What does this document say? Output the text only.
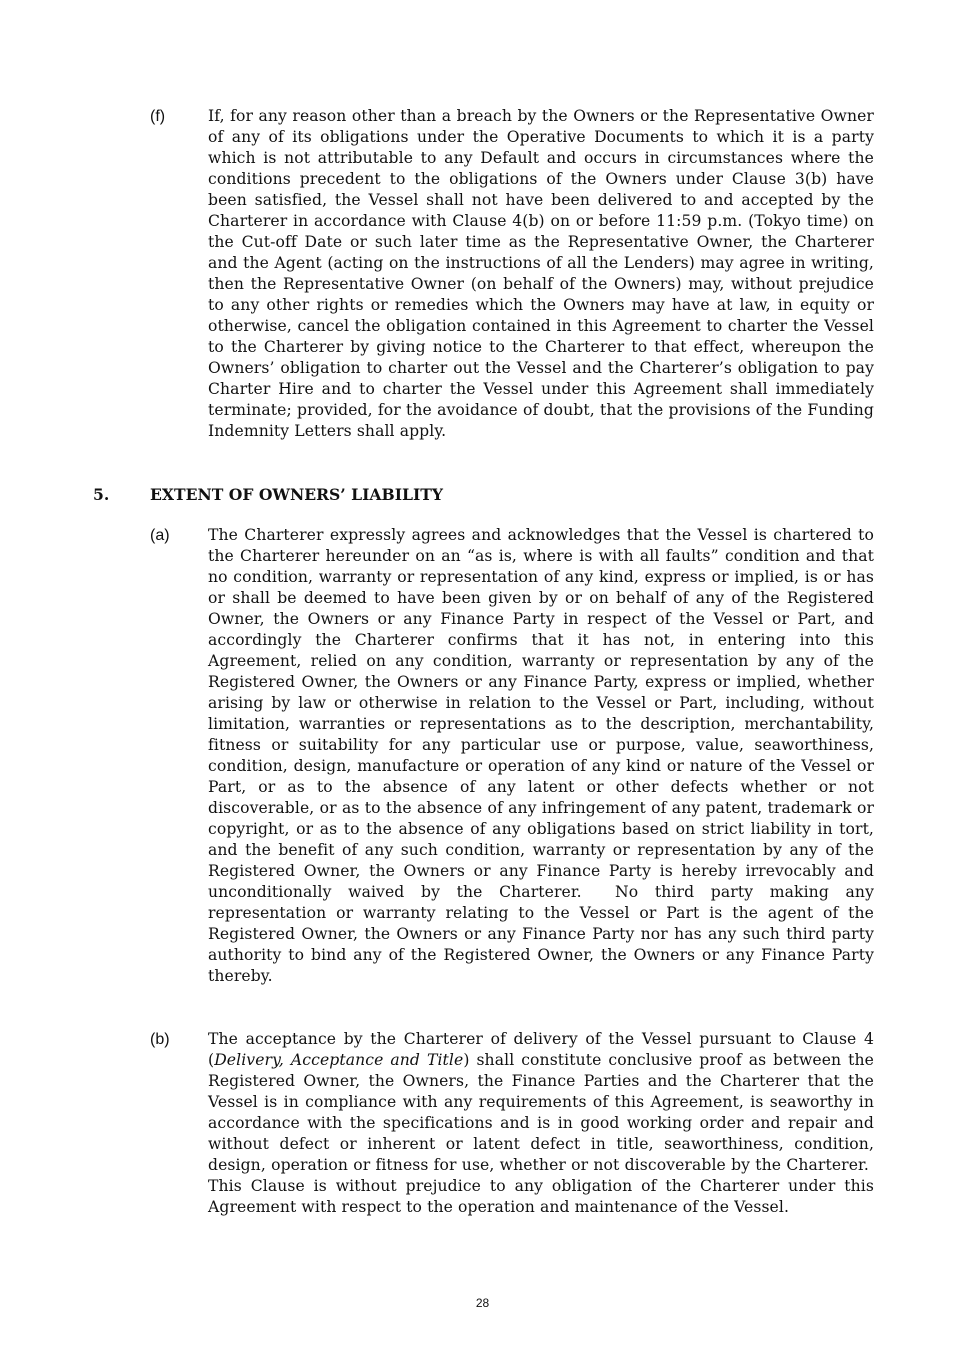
(f)	If, for any reason other than a breach by the Owners or the Representative Owner of any of its obligations under the Operative Documents to which it is a party which is not attributable to any Default and occurs in circumstances where the conditions precedent to the obligations of the Owners under Clause 3(b) have been satisfied, the Vessel shall not have been delivered to and accepted by the Charterer in accordance with Clause 4(b) on or before 11:59 p.m. (Tokyo time) on the Cut-off Date or such later time as the Representative Owner, the Charterer and the Agent (acting on the instructions of all the Lenders) may agree in writing, then the Representative Owner (on behalf of the Owners) may, without prejudice to any other rights or remedies which the Owners may have at law, in equity or otherwise, cancel the obligation contained in this Agreement to charter the Vessel to the Charterer by giving notice to the Charterer to that effect, whereupon the Owners’ obligation to charter out the Vessel and the Charterer’s obligation to pay Charter Hire and to charter the Vessel under this Agreement shall immediately terminate; provided, for the avoidance of doubt, that the provisions of the Funding Indemnity Letters shall apply.
5.	EXTENT OF OWNERS’ LIABILITY
(a)	The Charterer expressly agrees and acknowledges that the Vessel is chartered to the Charterer hereunder on an “as is, where is with all faults” condition and that no condition, warranty or representation of any kind, express or implied, is or has or shall be deemed to have been given by or on behalf of any of the Registered Owner, the Owners or any Finance Party in respect of the Vessel or Part, and accordingly the Charterer confirms that it has not, in entering into this Agreement, relied on any condition, warranty or representation by any of the Registered Owner, the Owners or any Finance Party, express or implied, whether arising by law or otherwise in relation to the Vessel or Part, including, without limitation, warranties or representations as to the description, merchantability, fitness or suitability for any particular use or purpose, value, seaworthiness, condition, design, manufacture or operation of any kind or nature of the Vessel or Part, or as to the absence of any latent or other defects whether or not discoverable, or as to the absence of any infringement of any patent, trademark or copyright, or as to the absence of any obligations based on strict liability in tort, and the benefit of any such condition, warranty or representation by any of the Registered Owner, the Owners or any Finance Party is hereby irrevocably and unconditionally waived by the Charterer. No third party making any representation or warranty relating to the Vessel or Part is the agent of the Registered Owner, the Owners or any Finance Party nor has any such third party authority to bind any of the Registered Owner, the Owners or any Finance Party thereby.
(b)	The acceptance by the Charterer of delivery of the Vessel pursuant to Clause 4 (Delivery, Acceptance and Title) shall constitute conclusive proof as between the Registered Owner, the Owners, the Finance Parties and the Charterer that the Vessel is in compliance with any requirements of this Agreement, is seaworthy in accordance with the specifications and is in good working order and repair and without defect or inherent or latent defect in title, seaworthiness, condition, design, operation or fitness for use, whether or not discoverable by the Charterer.  This Clause is without prejudice to any obligation of the Charterer under this Agreement with respect to the operation and maintenance of the Vessel.
28
